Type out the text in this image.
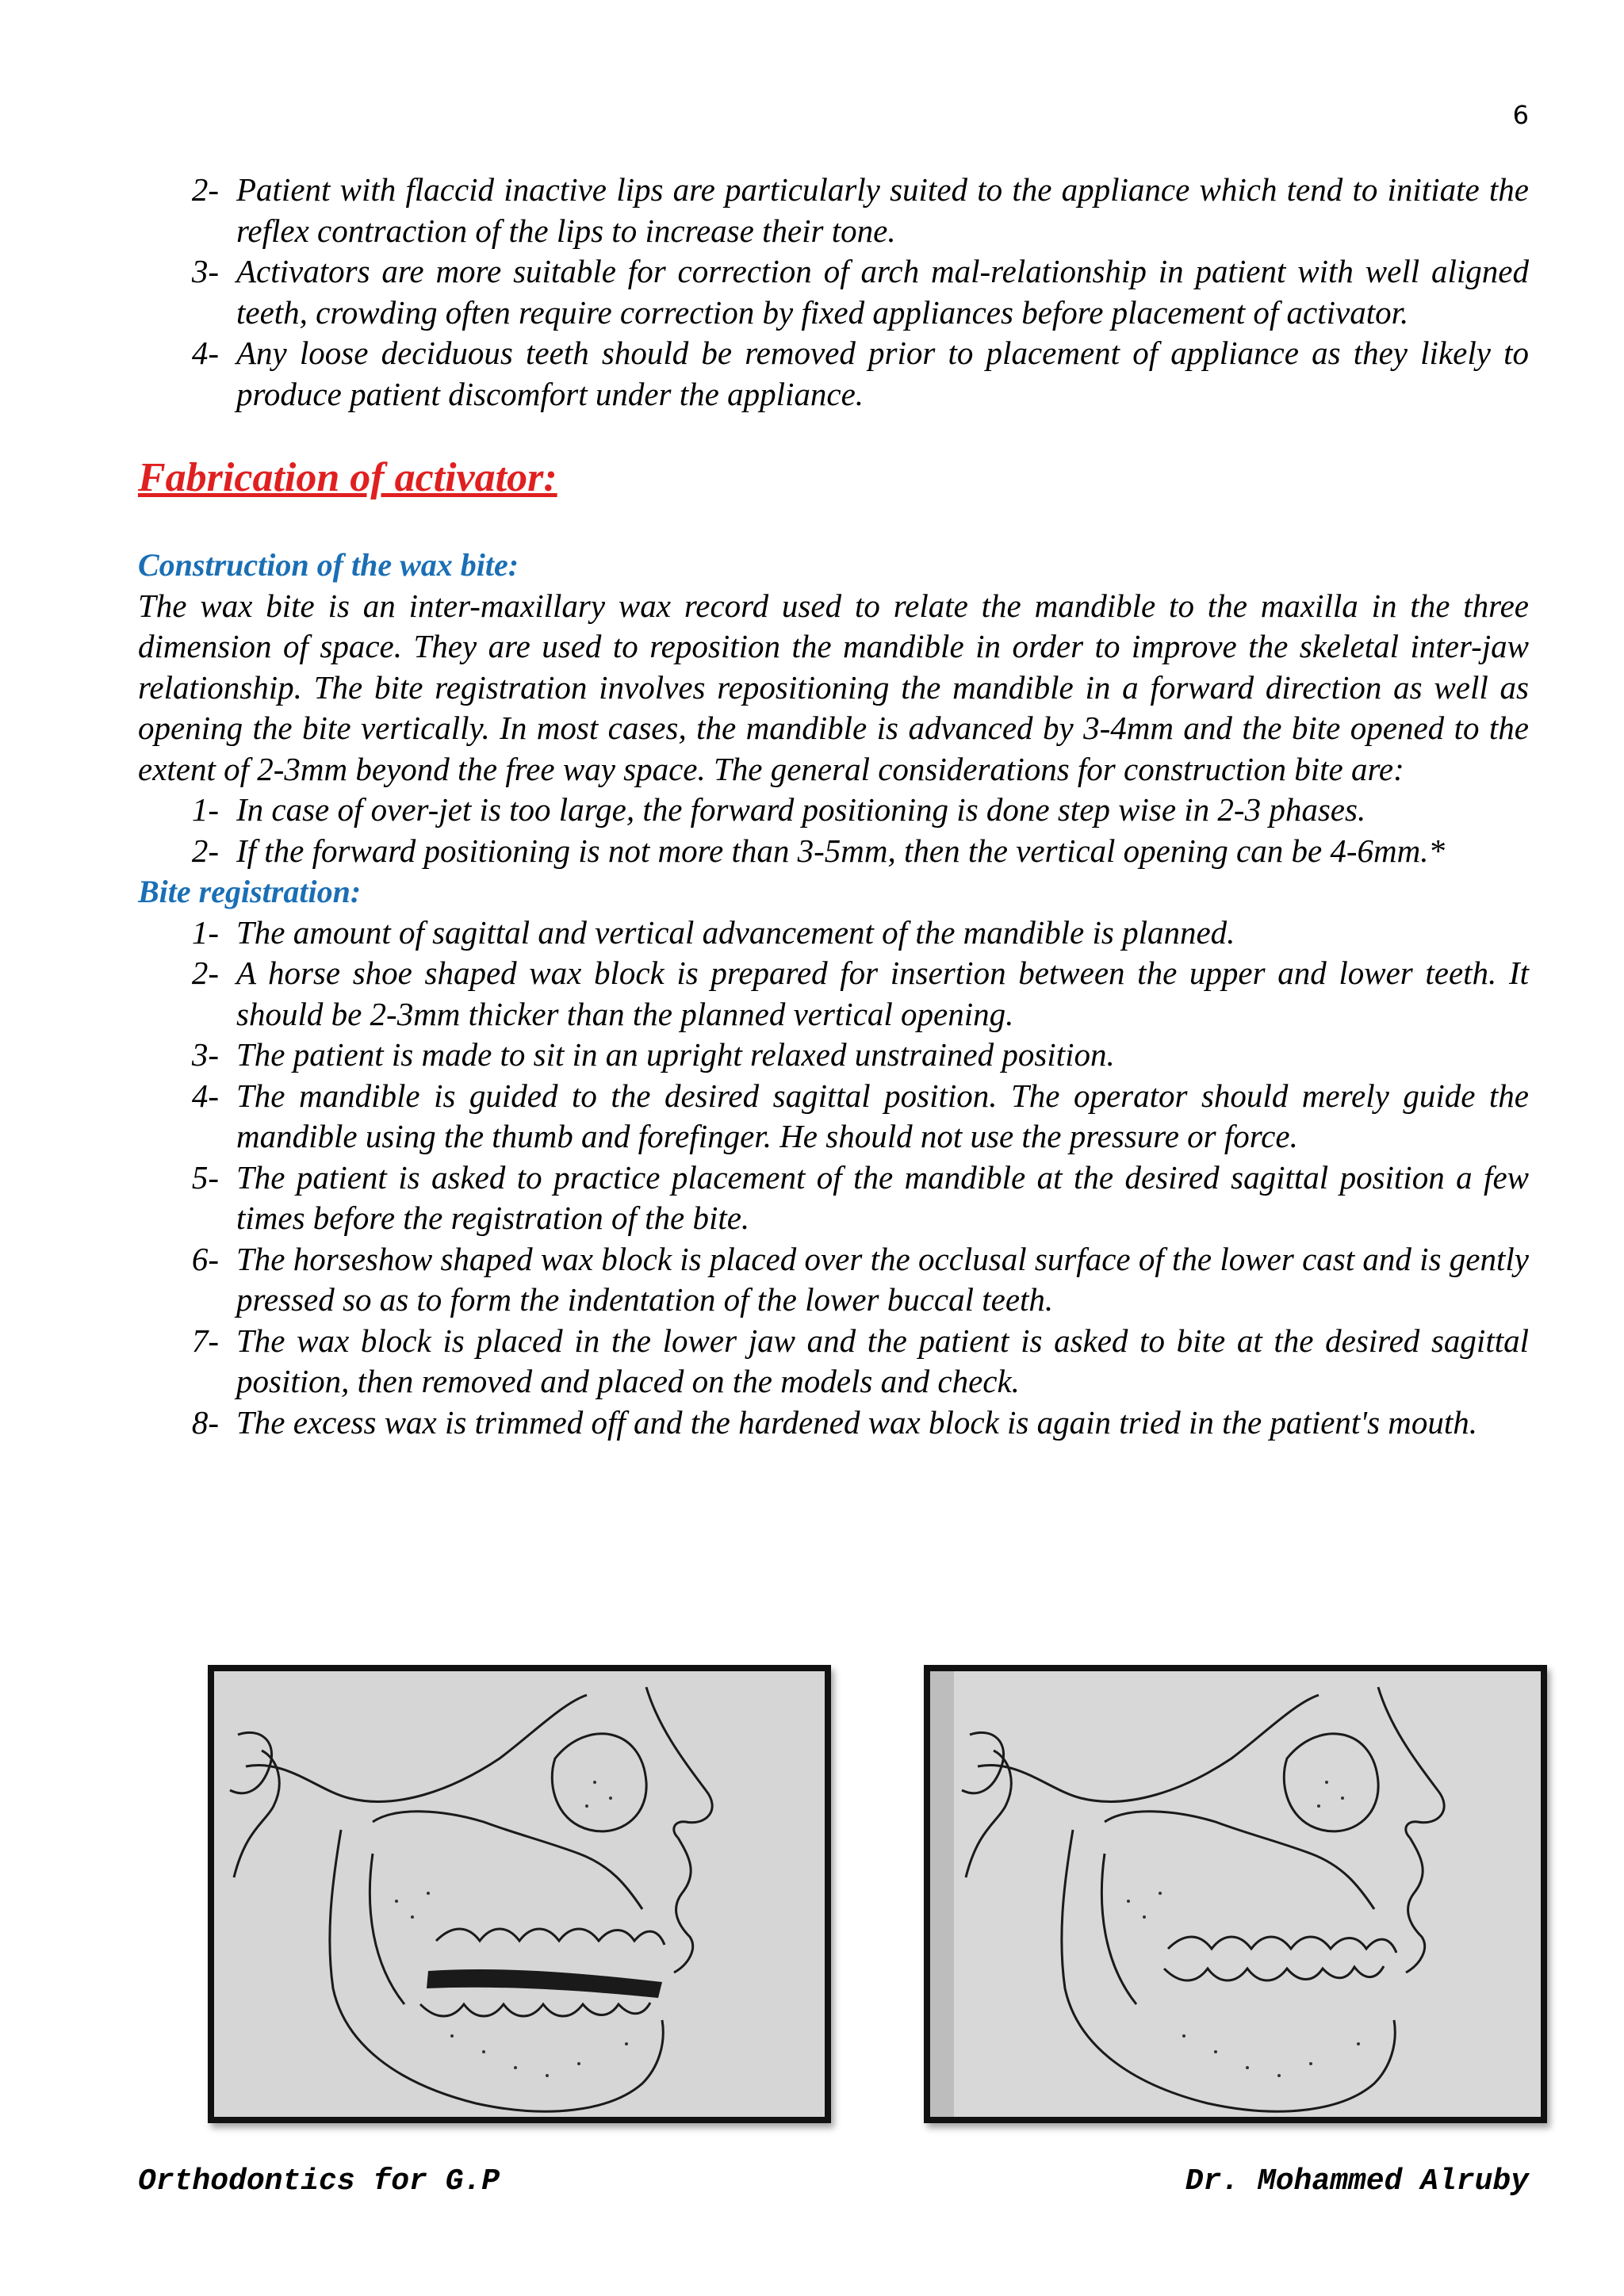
6
2- Patient with flaccid inactive lips are particularly suited to the appliance which tend to initiate the reflex contraction of the lips to increase their tone.
3- Activators are more suitable for correction of arch mal-relationship in patient with well aligned teeth, crowding often require correction by fixed appliances before placement of activator.
4- Any loose deciduous teeth should be removed prior to placement of appliance as they likely to produce patient discomfort under the appliance.
Fabrication of activator:
Construction of the wax bite:
The wax bite is an inter-maxillary wax record used to relate the mandible to the maxilla in the three dimension of space. They are used to reposition the mandible in order to improve the skeletal inter-jaw relationship. The bite registration involves repositioning the mandible in a forward direction as well as opening the bite vertically. In most cases, the mandible is advanced by 3-4mm and the bite opened to the extent of 2-3mm beyond the free way space. The general considerations for construction bite are:
1- In case of over-jet is too large, the forward positioning is done step wise in 2-3 phases.
2- If the forward positioning is not more than 3-5mm, then the vertical opening can be 4-6mm.*
Bite registration:
1- The amount of sagittal and vertical advancement of the mandible is planned.
2- A horse shoe shaped wax block is prepared for insertion between the upper and lower teeth. It should be 2-3mm thicker than the planned vertical opening.
3- The patient is made to sit in an upright relaxed unstrained position.
4- The mandible is guided to the desired sagittal position. The operator should merely guide the mandible using the thumb and forefinger. He should not use the pressure or force.
5- The patient is asked to practice placement of the mandible at the desired sagittal position a few times before the registration of the bite.
6- The horseshow shaped wax block is placed over the occlusal surface of the lower cast and is gently pressed so as to form the indentation of the lower buccal teeth.
7- The wax block is placed in the lower jaw and the patient is asked to bite at the desired sagittal position, then removed and placed on the models and check.
8- The excess wax is trimmed off and the hardened wax block is again tried in the patient's mouth.
Orthodontics for G.P	Dr. Mohammed Alruby
